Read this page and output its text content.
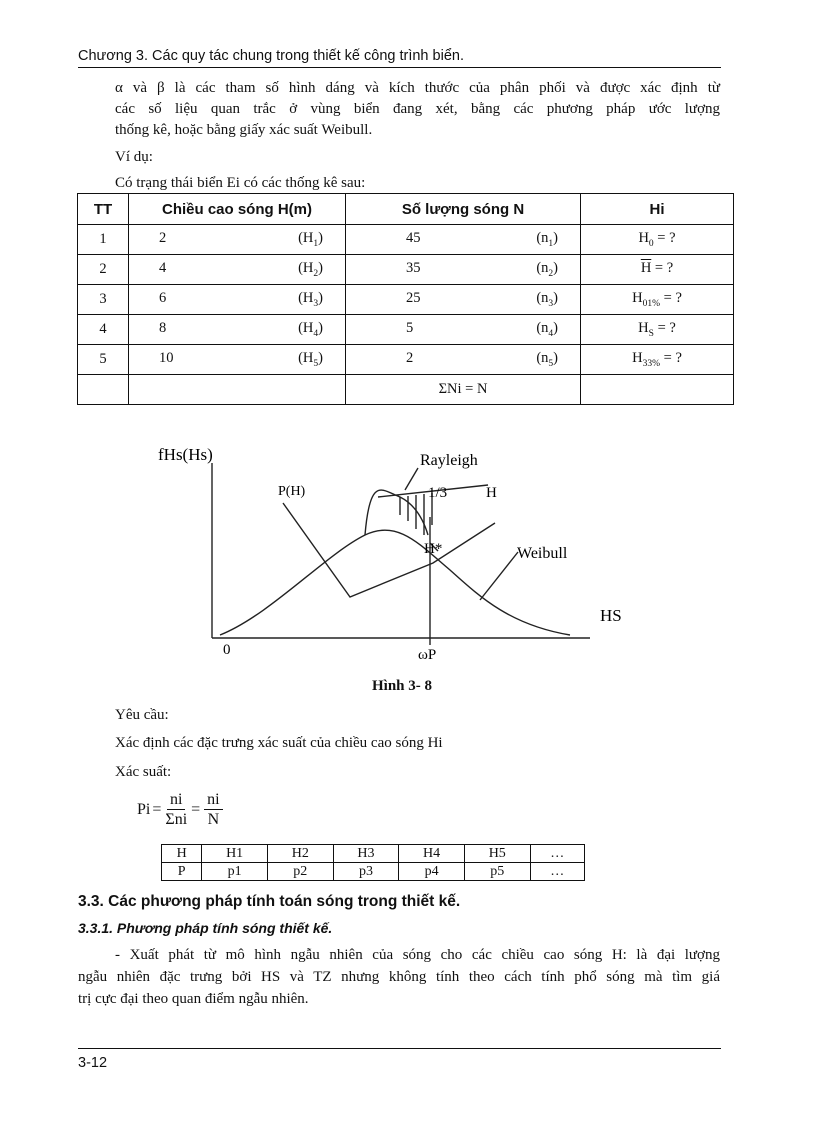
Chương 3. Các quy tác chung trong thiết kế công trình biển.
α và β là các tham số hình dáng và kích thước của phân phối và được xác định từ
các số liệu quan trắc ở vùng biển đang xét, bằng các phương pháp ước lượng
thống kê, hoặc bằng giấy xác suất Weibull.
Ví dụ:
Có trạng thái biển Ei có các thống kê sau:
TT	Chiều cao sóng H(m)	Số lượng sóng N	Hi
1	2 $(H_1)$	45 $(n_1)$	$H_0$ = ?
2	4 $(H_2)$	35 $(n_2)$	$\overline{H}$ = ?
3	6 $(H_3)$	25 $(n_3)$	$H_{01\%}$ = ?
4	8 $(H_4)$	5 $(n_4)$	$H_S$ = ?
5	10 $(H_5)$	2 $(n_5)$	$H_{33\%}$ = ?
		ΣNi = N	
fHs(Hs)
P(H)
Rayleigh
1/3	H
H*	Weibull
HS
0	ωP
Hình 3- 8
Yêu cầu:
Xác định các đặc trưng xác suất của chiều cao sóng Hi
Xác suất:
Pi =
ni
Σni
= $\frac{ni}{N}$
H	H1	H2	H3	H4	H5	…
P	p1	p2	p3	p4	p5	…
3.3. Các phương pháp tính toán sóng trong thiết kế.
3.3.1. Phương pháp tính sóng thiết kế.
- Xuất phát từ mô hình ngẫu nhiên của sóng cho các chiều cao sóng H: là đại lượng
ngẫu nhiên đặc trưng bởi HS và TZ nhưng không tính theo cách tính phổ sóng mà tìm giá
trị cực đại theo quan điểm ngẫu nhiên.
3-12
